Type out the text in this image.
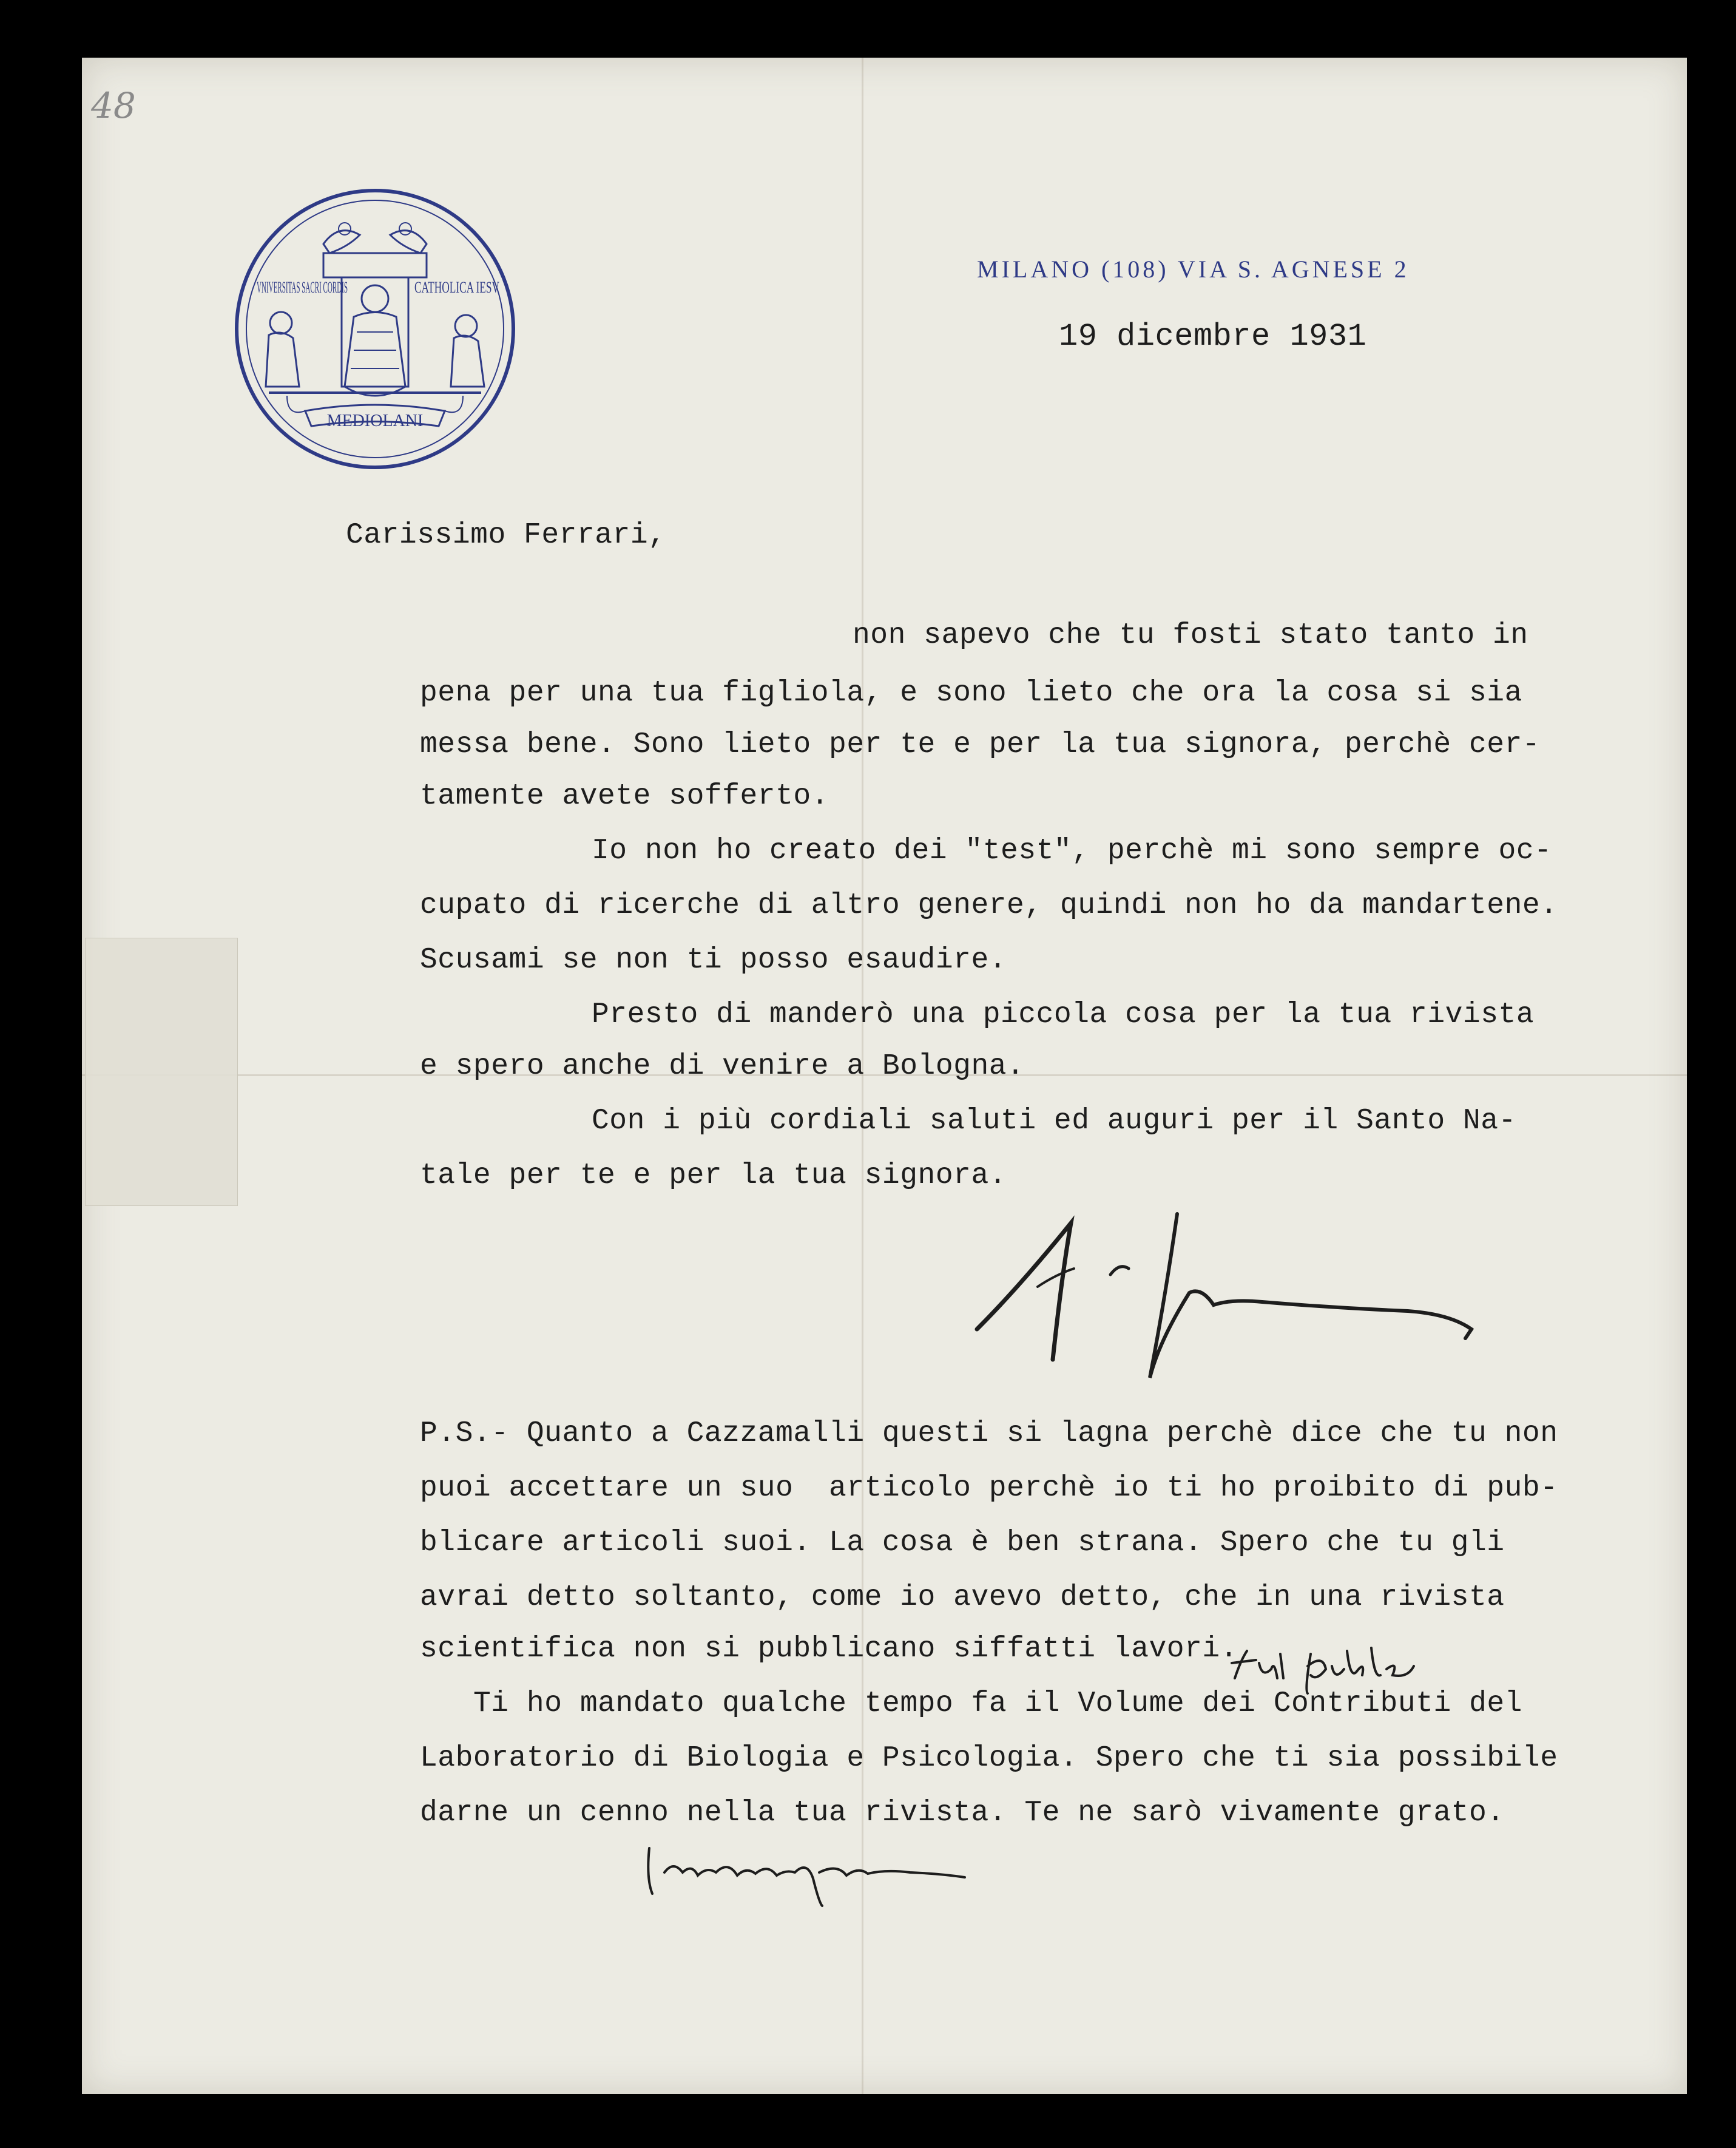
48
VNIVERSITAS SACRI CORDIS	CATHOLICA IESV
MEDIOLANI
MILANO (108) VIA S. AGNESE 2
19 dicembre 1931
Carissimo Ferrari,
non sapevo che tu fosti stato tanto in
pena per una tua figliola, e sono lieto che ora la cosa si sia
messa bene. Sono lieto per te e per la tua signora, perchè cer-
tamente avete sofferto.
Io non ho creato dei "test", perchè mi sono sempre oc-
cupato di ricerche di altro genere, quindi non ho da mandartene.
Scusami se non ti posso esaudire.
Presto di manderò una piccola cosa per la tua rivista
e spero anche di venire a Bologna.
Con i più cordiali saluti ed auguri per il Santo Na-
tale per te e per la tua signora.
P.S.- Quanto a Cazzamalli questi si lagna perchè dice che tu non
puoi accettare un suo  articolo perchè io ti ho proibito di pub-
blicare articoli suoi. La cosa è ben strana. Spero che tu gli
avrai detto soltanto, come io avevo detto, che in una rivista
scientifica non si pubblicano siffatti lavori.
Ti ho mandato qualche tempo fa il Volume dei Contributi del
Laboratorio di Biologia e Psicologia. Spero che ti sia possibile
darne un cenno nella tua rivista. Te ne sarò vivamente grato.
